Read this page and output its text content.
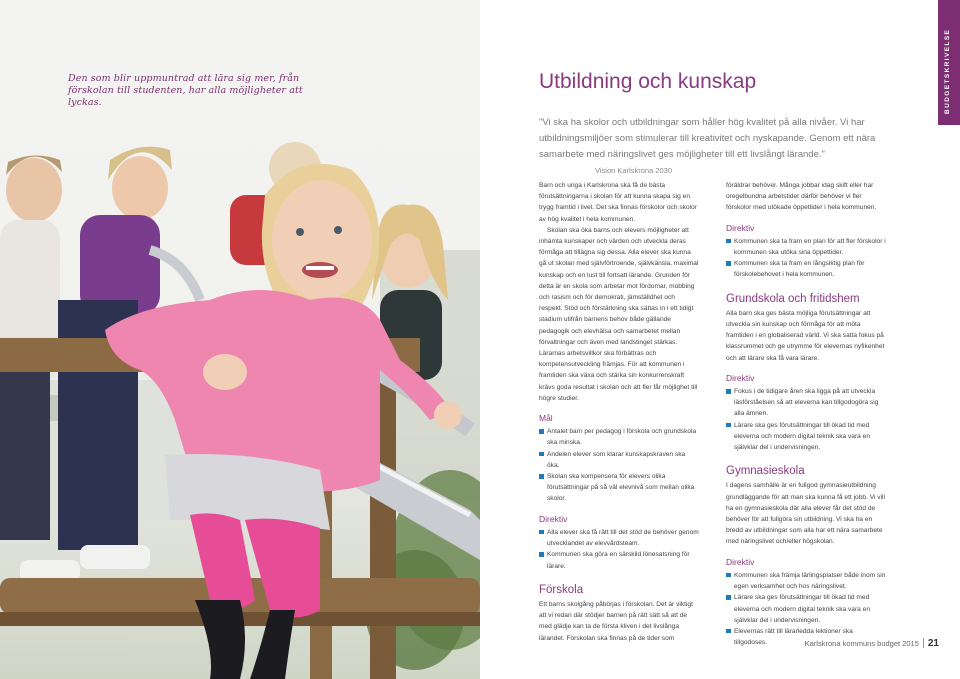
Den som blir uppmuntrad att lära sig mer, från förskolan till studenten, har alla möjligheter att lyckas.	BUDGETSKRIVELSE
Utbildning och kunskap
"Vi ska ha skolor och utbildningar som håller hög kvalitet på alla nivåer. Vi har utbildningsmiljöer som stimulerar till kreativitet och nyskapande. Genom ett nära samarbete med näringslivet ges möjligheter till ett livslångt lärande." Vision Karlskrona 2030

Barn och unga i Karlskrona ska få de bästa förutsättningarna i skolan för att kunna skapa sig en trygg framtid i livet. Det ska finnas förskolor och skolor av hög kvalitet i hela kommunen.

Skolan ska öka barns och elevers möjligheter att inhämta kunskaper och värden och utveckla deras förmåga att tillägna sig dessa. Alla elever ska kunna gå ut skolan med självförtroende, självkänsla, maximal kunskap och en lust till fortsatt lärande. Grunden för detta är en skola som arbetar mot fördomar, mobbing och rasism och för demokrati, jämställdhet och respekt. Stöd och förstärkning ska sättas in i ett tidigt stadium utifrån barnens behov både gällande pedagogik och elevhälsa och samarbetet mellan förvaltningar och även med landstinget stärkas. Lärarnas arbetsvillkor ska förbättras och kompetensutveckling främjas. För att kommunen i framtiden ska växa och stärka sin konkurrenskraft krävs goda resultat i skolan och att fler får möjlighet till högre studier.

Mål
Antalet barn per pedagog i förskola och grundskola ska minska.
Andelen elever som klarar kunskapskraven ska öka.
Skolan ska kompensera för elevers olika förutsättningar på så väl elevnivå som mellan olika skolor.
Direktiv
Alla elever ska få rätt till det stöd de behöver genom utvecklandet av elevvårdsteam.
Kommunen ska göra en särskild lönesatsning för lärare.
Förskola

Ett barns skolgång påbörjas i förskolan. Det är viktigt att vi redan där stödjer barnen på rätt sätt så att de med glädje kan ta de första kliven i det livslånga lärandet. Förskolan ska finnas på de tider som

föräldrar behöver. Många jobbar idag skift eller har oregelbundna arbetstider därför behöver vi fler förskolor med utökade öppettider i hela kommunen.

Direktiv
Kommunen ska ta fram en plan för att fler förskolor i kommunen ska utöka sina öppettider.
Kommunen ska ta fram en långsiktig plan för förskolebehovet i hela kommunen.
Grundskola och fritidshem

Alla barn ska ges bästa möjliga förutsättningar att utveckla sin kunskap och förmåga för att möta framtiden i en globaliserad värld. Vi ska satta fokus på klassrummet och ge utrymme för elevernas nyfikenhet och att lärare ska få vara lärare.

Direktiv
Fokus i de tidigare åren ska ligga på att utveckla läsförståelsen så att eleverna kan tillgodogöra sig alla ämnen.
Lärare ska ges förutsättningar till ökad tid med eleverna och modern digital teknik ska vara en självklar del i undervisningen.
Gymnasieskola

I dagens samhälle är en fullgod gymnasieutbildning grundläggande för att man ska kunna få ett jobb. Vi vill ha en gymnasieskola där alla elever får det stöd de behöver för att fullgöra sin utbildning. Vi ska ha en bredd av utbildningar som alla har ett nära samarbete med näringslivet och/eller högskolan.

Direktiv
Kommunen ska främja lärlingsplatser både inom sin egen verksamhet och hos näringslivet.
Lärare ska ges förutsättningar till ökad tid med eleverna och modern digital teknik ska vara en självklar del i undervisningen.
Elevernas rätt till lärarledda lektioner ska tillgodoses.	Karlskrona kommuns budget 2015 21
